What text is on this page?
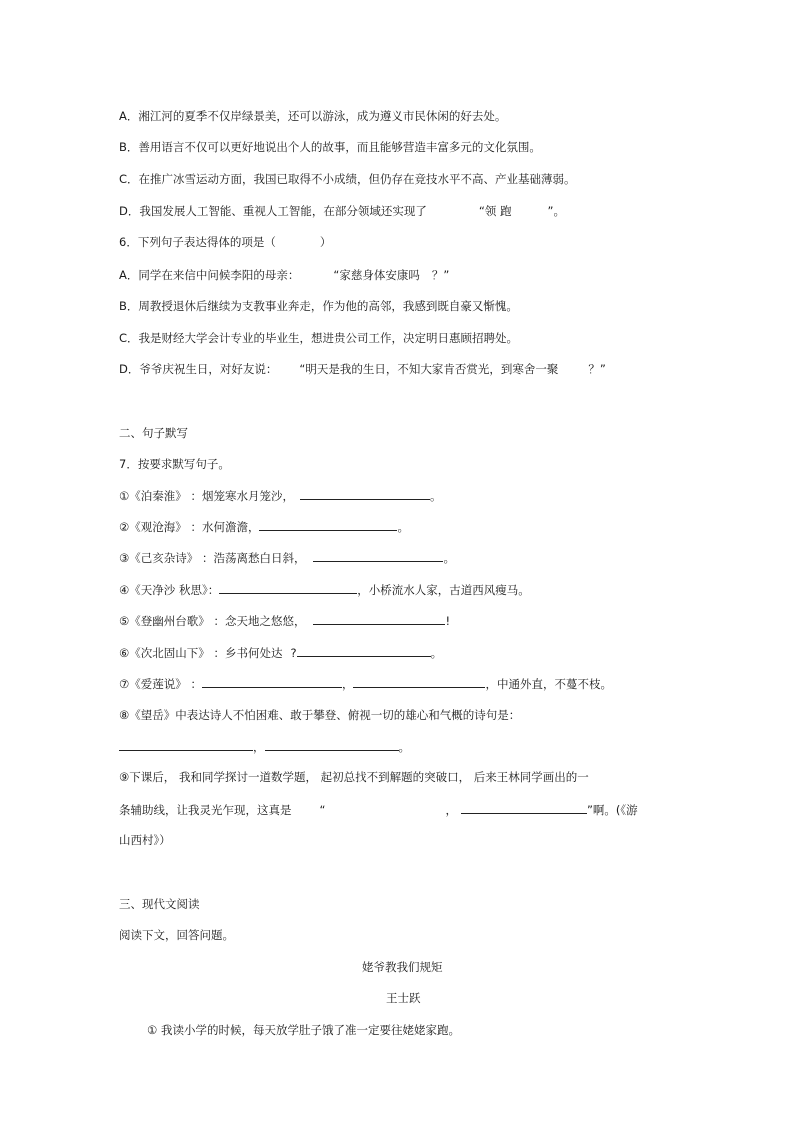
A．湘江河的夏季不仅岸绿景美，还可以游泳，成为遵义市民休闲的好去处。
B．善用语言不仅可以更好地说出个人的故事，而且能够营造丰富多元的文化氛围。
C．在推广冰雪运动方面，我国已取得不小成绩，但仍存在竞技水平不高、产业基础薄弱。
D．我国发展人工智能、重视人工智能，在部分领域还实现了	“领 跑	”。
6．下列句子表达得体的项是（	）
A．同学在来信中问候李阳的母亲：	“家慈身体安康吗 ？”
B．周教授退休后继续为支教事业奔走，作为他的高邻，我感到既自豪又惭愧。
C．我是财经大学会计专业的毕业生，想进贵公司工作，决定明日惠顾招聘处。
D．爷爷庆祝生日，对好友说： “明天是我的生日，不知大家肯否赏光，到寒舍一聚	？”
二、句子默写
7．按要求默写句子。
①《泊秦淮》 ：烟笼寒水月笼沙，	。
②《观沧海》 ：水何澹澹，	。
③《己亥杂诗》 ：浩荡离愁白日斜，	。
④《天净沙 秋思》：	，小桥流水人家，古道西风瘦马。
⑤《登幽州台歌》 ：念天地之悠悠，	!
⑥《次北固山下》 ：乡书何处达 ?	。
⑦《爱莲说》 ：	，	，中通外直，不蔓不枝。
⑧《望岳》中表达诗人不怕困难、敢于攀登、俯视一切的雄心和气概的诗句是：
，	。
⑨下课后， 我和同学探讨一道数学题， 起初总找不到解题的突破口， 后来王林同学画出的一
条辅助线，让我灵光乍现，这真是 “	，	”啊。(《游
山西村》）
三、现代文阅读
阅读下文，回答问题。
姥爷教我们规矩
王士跃
① 我读小学的时候，每天放学肚子饿了准一定要往姥姥家跑。
